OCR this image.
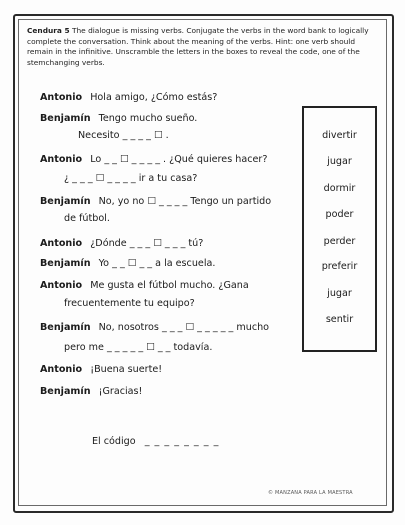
Cendura 5 The dialogue is missing verbs. Conjugate the verbs in the word bank to logically complete the conversation. Think about the meaning of the verbs. Hint: one verb should remain in the infinitive. Unscramble the letters in the boxes to reveal the code, one of the stemchanging verbs.
Antonio Hola amigo, ¿Cómo estás?
Benjamín Tengo mucho sueño.
Necesito _ _ _ _ ☐ .
Antonio Lo _ _ ☐ _ _ _ _ . ¿Qué quieres hacer?
¿ _ _ _ ☐ _ _ _ _ ir a tu casa?
Benjamín No, yo no ☐ _ _ _ _ Tengo un partido
de fútbol.
Antonio ¿Dónde _ _ _ ☐ _ _ _ tú?
Benjamín Yo _ _ ☐ _ _ a la escuela.
Antonio Me gusta el fútbol mucho. ¿Gana
frecuentemente tu equipo?
Benjamín No, nosotros _ _ _ ☐ _ _ _ _ _ mucho
pero me _ _ _ _ _ ☐ _ _ todavía.
Antonio ¡Buena suerte!
Benjamín ¡Gracias!
divertir
jugar
dormir
poder
perder
preferir
jugar
sentir
El código _ _ _ _ _ _ _ _
© MANZANA PARA LA MAESTRA
